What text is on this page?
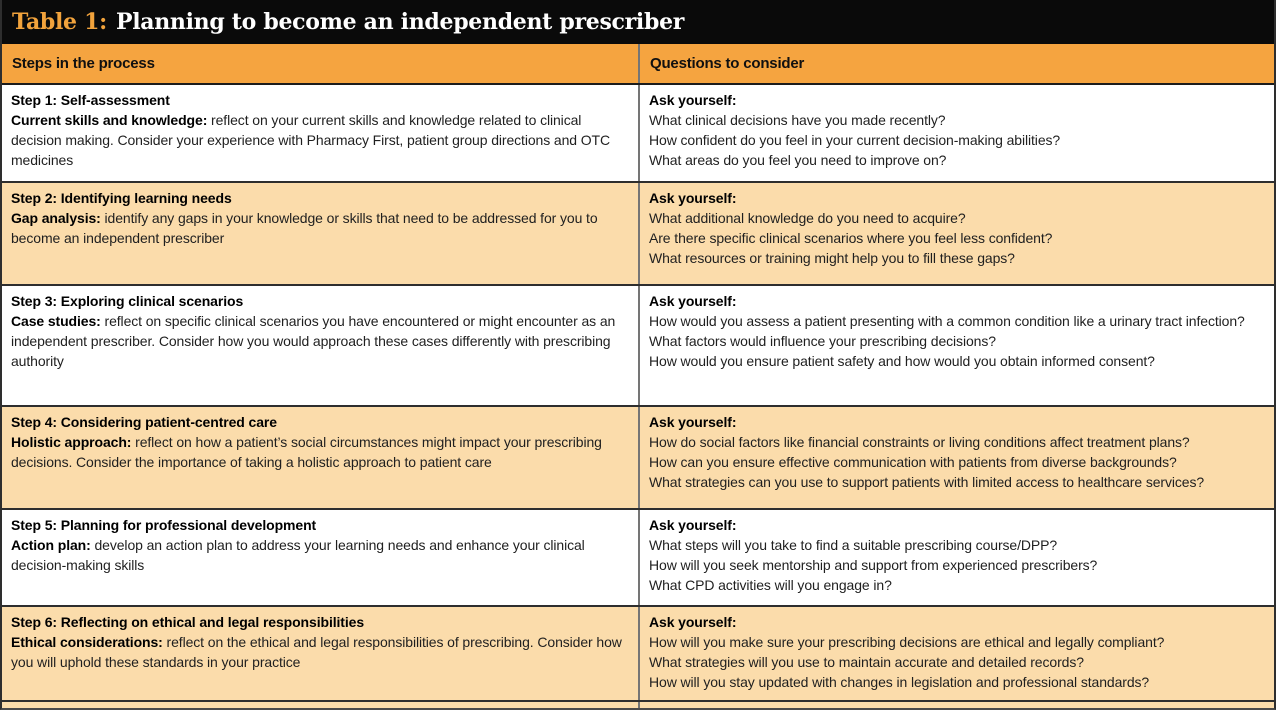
Table 1: Planning to become an independent prescriber
Steps in the process	Questions to consider
Step 1: Self-assessment
Current skills and knowledge: reflect on your current skills and knowledge related to clinical decision making. Consider your experience with Pharmacy First, patient group directions and OTC medicines
Ask yourself:
What clinical decisions have you made recently?
How confident do you feel in your current decision-making abilities?
What areas do you feel you need to improve on?
Step 2: Identifying learning needs
Gap analysis: identify any gaps in your knowledge or skills that need to be addressed for you to become an independent prescriber
Ask yourself:
What additional knowledge do you need to acquire?
Are there specific clinical scenarios where you feel less confident?
What resources or training might help you to fill these gaps?
Step 3: Exploring clinical scenarios
Case studies: reflect on specific clinical scenarios you have encountered or might encounter as an independent prescriber. Consider how you would approach these cases differently with prescribing authority
Ask yourself:
How would you assess a patient presenting with a common condition like a urinary tract infection?
What factors would influence your prescribing decisions?
How would you ensure patient safety and how would you obtain informed consent?
Step 4: Considering patient-centred care
Holistic approach: reflect on how a patient’s social circumstances might impact your prescribing decisions. Consider the importance of taking a holistic approach to patient care
Ask yourself:
How do social factors like financial constraints or living conditions affect treatment plans?
How can you ensure effective communication with patients from diverse backgrounds?
What strategies can you use to support patients with limited access to healthcare services?
Step 5: Planning for professional development
Action plan: develop an action plan to address your learning needs and enhance your clinical decision-making skills
Ask yourself:
What steps will you take to find a suitable prescribing course/DPP?
How will you seek mentorship and support from experienced prescribers?
What CPD activities will you engage in?
Step 6: Reflecting on ethical and legal responsibilities
Ethical considerations: reflect on the ethical and legal responsibilities of prescribing. Consider how you will uphold these standards in your practice
Ask yourself:
How will you make sure your prescribing decisions are ethical and legally compliant?
What strategies will you use to maintain accurate and detailed records?
How will you stay updated with changes in legislation and professional standards?
